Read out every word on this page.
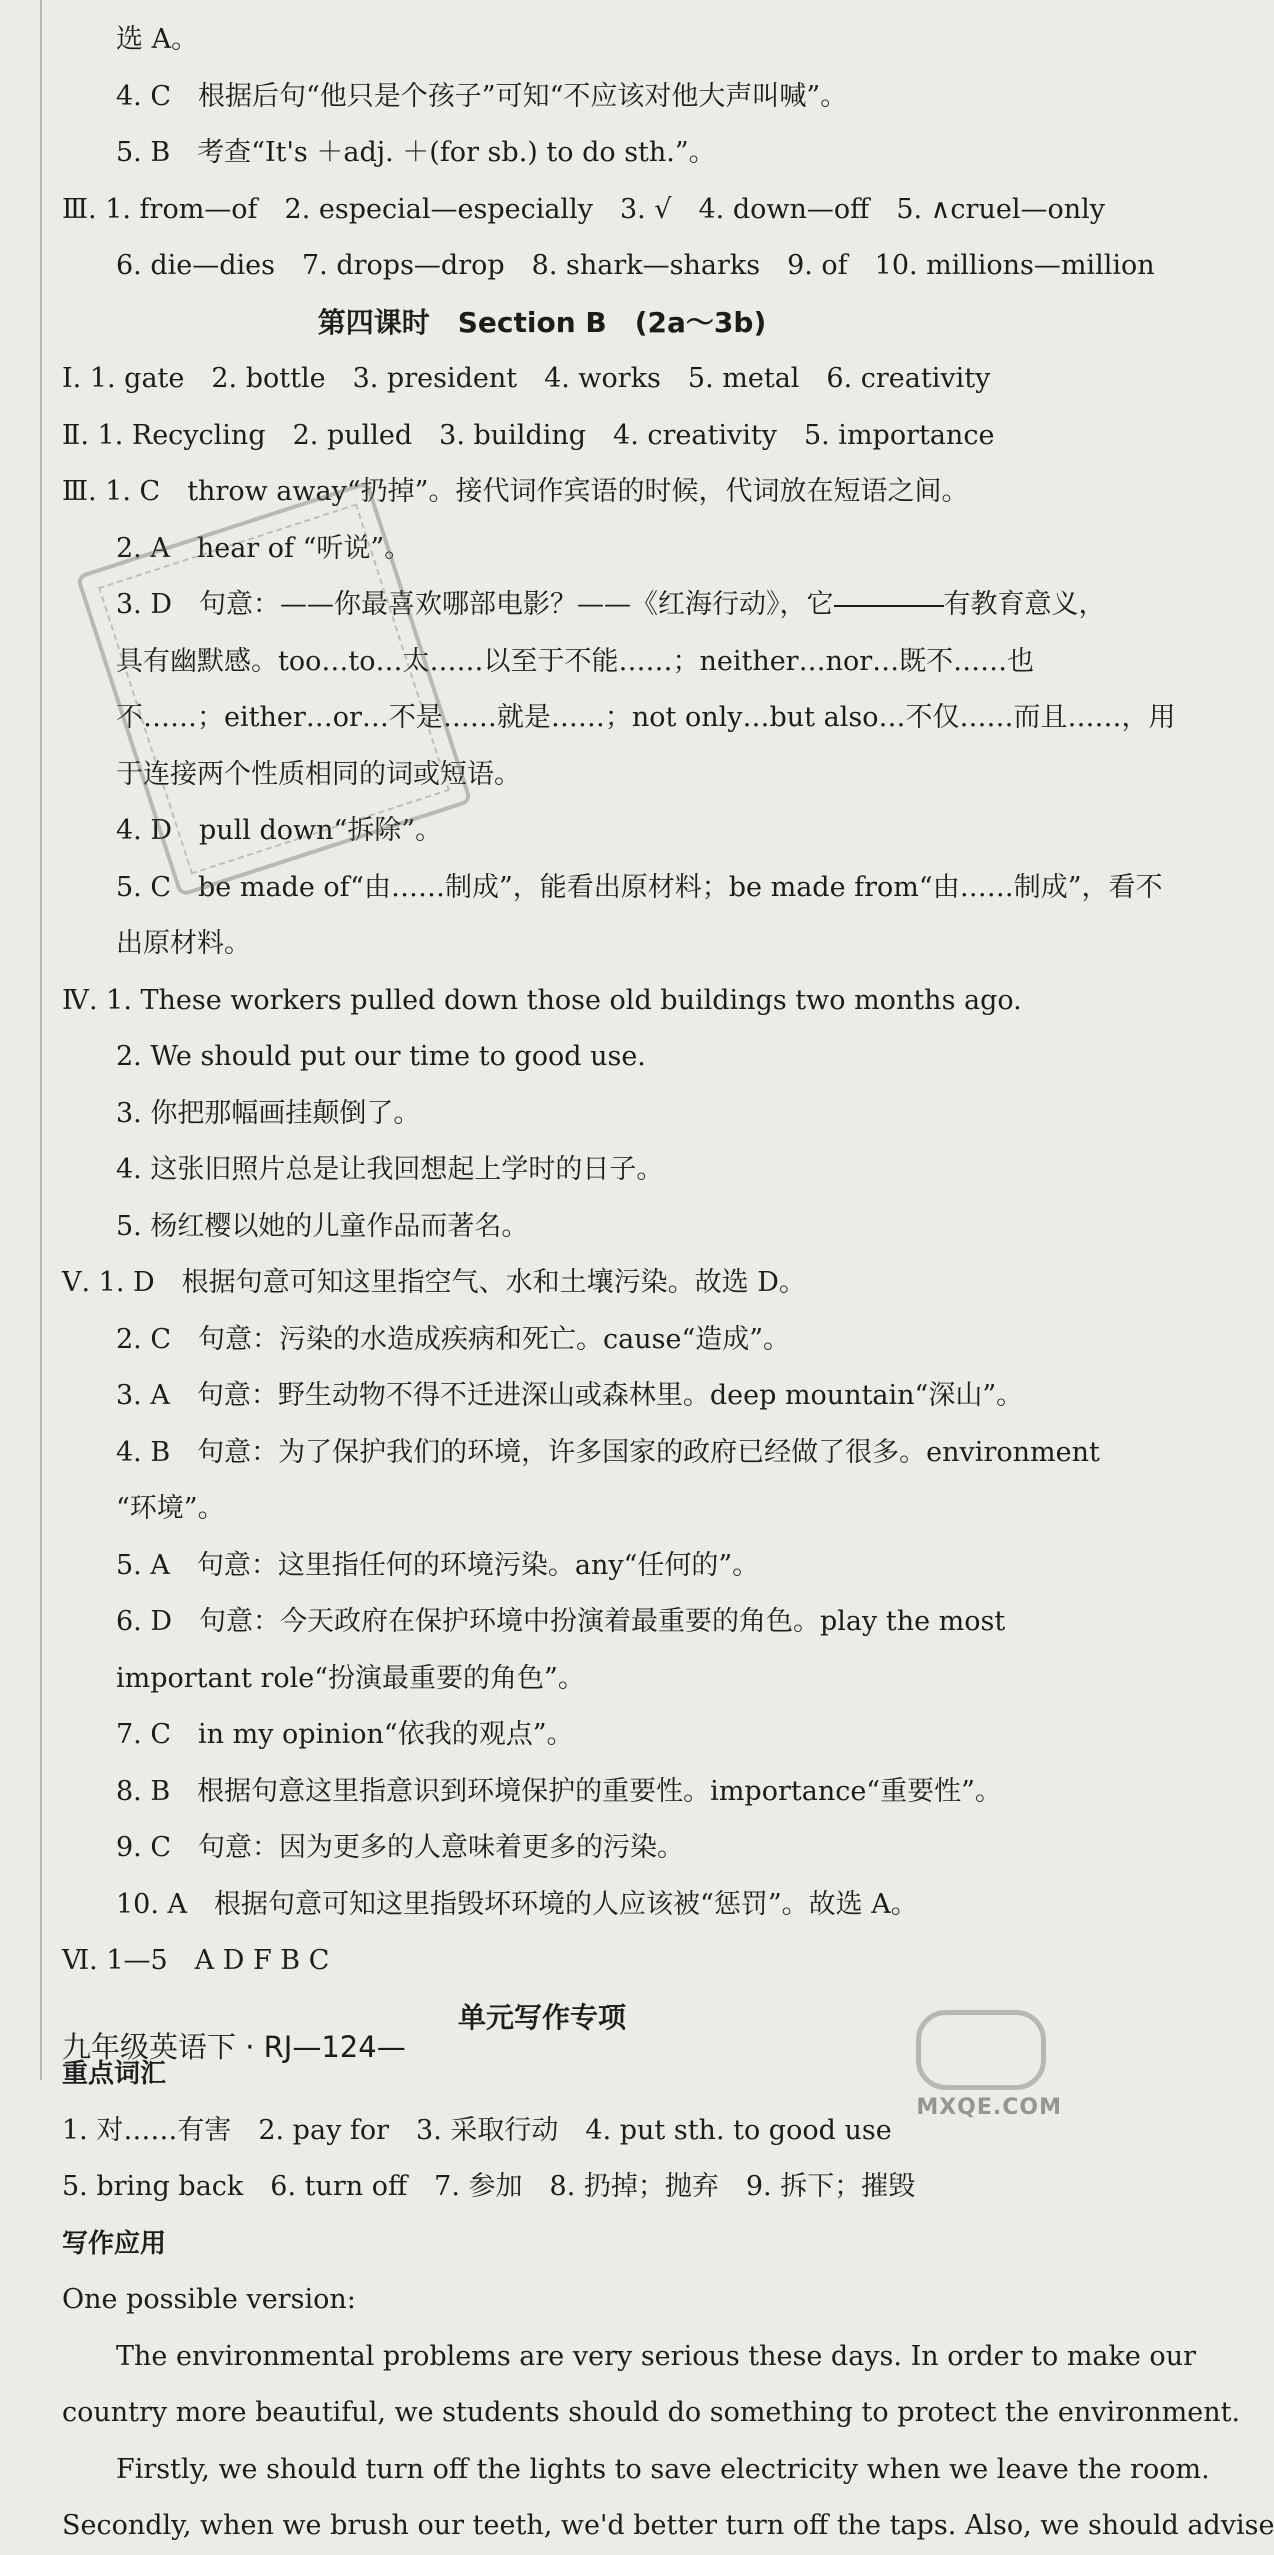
选 A。
4. C　根据后句“他只是个孩子”可知“不应该对他大声叫喊”。
5. B　考查“It's ＋adj. ＋(for sb.) to do sth.”。
Ⅲ. 1. from—of　2. especial—especially　3. √　4. down—off　5. ∧cruel—only
6. die—dies　7. drops—drop　8. shark—sharks　9. of　10. millions—million
第四课时　Section B　(2a～3b)
Ⅰ. 1. gate　2. bottle　3. president　4. works　5. metal　6. creativity
Ⅱ. 1. Recycling　2. pulled　3. building　4. creativity　5. importance
Ⅲ. 1. C　throw away“扔掉”。接代词作宾语的时候，代词放在短语之间。
2. A　hear of “听说”。
3. D　句意：——你最喜欢哪部电影？——《红海行动》，它	有教育意义，
具有幽默感。too…to…太……以至于不能……；neither…nor…既不……也
不……；either…or…不是……就是……；not only…but also…不仅……而且……，用
于连接两个性质相同的词或短语。
4. D　pull down“拆除”。
5. C　be made of“由……制成”，能看出原材料；be made from“由……制成”，看不
出原材料。
Ⅳ. 1. These workers pulled down those old buildings two months ago.
2. We should put our time to good use.
3. 你把那幅画挂颠倒了。
4. 这张旧照片总是让我回想起上学时的日子。
5. 杨红樱以她的儿童作品而著名。
Ⅴ. 1. D　根据句意可知这里指空气、水和土壤污染。故选 D。
2. C　句意：污染的水造成疾病和死亡。cause“造成”。
3. A　句意：野生动物不得不迁进深山或森林里。deep mountain“深山”。
4. B　句意：为了保护我们的环境，许多国家的政府已经做了很多。environment
“环境”。
5. A　句意：这里指任何的环境污染。any“任何的”。
6. D　句意：今天政府在保护环境中扮演着最重要的角色。play the most
important role“扮演最重要的角色”。
7. C　in my opinion“依我的观点”。
8. B　根据句意这里指意识到环境保护的重要性。importance“重要性”。
9. C　句意：因为更多的人意味着更多的污染。
10. A　根据句意可知这里指毁坏环境的人应该被“惩罚”。故选 A。
Ⅵ. 1—5　A D F B C
单元写作专项
重点词汇
1. 对……有害　2. pay for　3. 采取行动　4. put sth. to good use
5. bring back　6. turn off　7. 参加　8. 扔掉；抛弃　9. 拆下；摧毁
写作应用
One possible version:
The environmental problems are very serious these days. In order to make our
country more beautiful, we students should do something to protect the environment.
Firstly, we should turn off the lights to save electricity when we leave the room.
Secondly, when we brush our teeth, we'd better turn off the taps. Also, we should advise
九年级英语下 · RJ—124—
MXQE.COM
